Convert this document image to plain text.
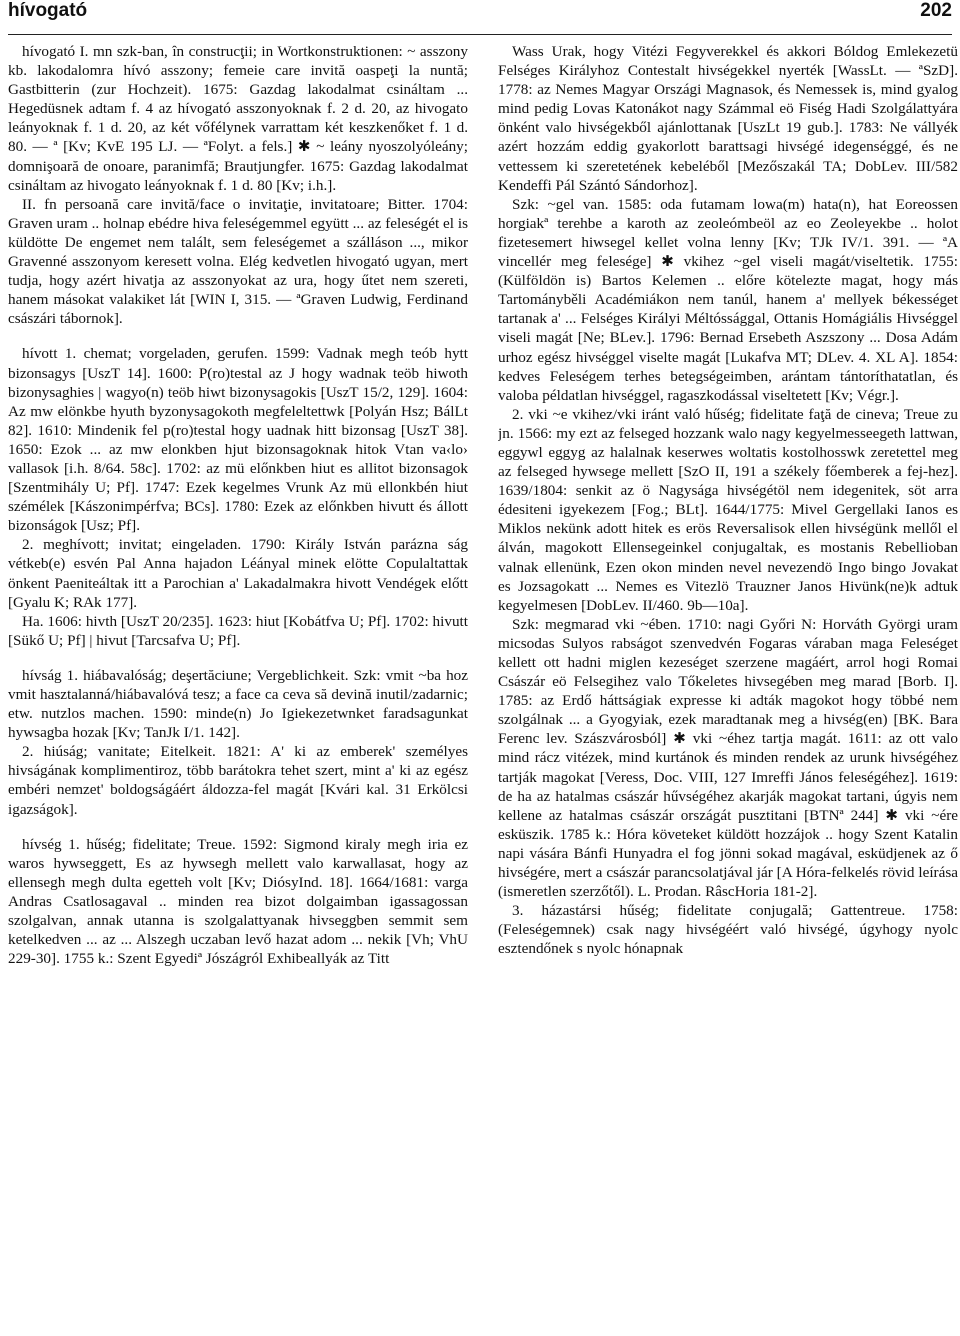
hívogató	202

hívogató I. mn szk-ban, în construcţii; in Wortkonstruktionen: ~ asszony kb. lakodalomra hívó asszony; femeie care invită oaspeţi la nuntă; Gastbitterin (zur Hochzeit). 1675: Gazdag lakodalmat csináltam ... Hegedüsnek adtam f. 4 az hívogató asszonyoknak f. 2 d. 20, az hivogato leányoknak f. 1 d. 20, az két vőfélynek varrattam két keszkenőket f. 1 d. 80. — ª [Kv; KvE 195 LJ. — ªFolyt. a fels.] ✱ ~ leány nyoszolyóleány; domnişoară de onoare, paranimfă; Brautjungfer. 1675: Gazdag lakodalmat csináltam az hivogato leányoknak f. 1 d. 80 [Kv; i.h.].

II. fn persoană care invită/face o invitaţie, invitatoare; Bitter. 1704: Graven uram .. holnap ebédre hiva feleségemmel együtt ... az feleségét el is küldötte De engemet nem talált, sem feleségemet a szálláson ..., mikor Gravenné asszonyom keresett volna. Elég kedvetlen hivogató ugyan, mert tudja, hogy azért hivatja az asszonyokat az ura, hogy űtet nem szereti, hanem másokat valakiket lát [WIN I, 315. — ªGraven Ludwig, Ferdinand császári tábornok].

hívott 1. chemat; vorgeladen, gerufen. 1599: Vadnak megh teób hytt bizonsagys [UszT 14]. 1600: P(ro)testal az J hogy wadnak teöb hiwoth bizonysaghies | wagyo(n) teöb hiwt bizonysagokis [UszT 15/2, 129]. 1604: Az mw elönkbe hyuth byzonysagokoth megfeleltettwk [Polyán Hsz; BálLt 82]. 1610: Mindenik fel p(ro)testal hogy uadnak hitt bizonsag [UszT 38]. 1650: Ezok ... az mw elonkben hjut bizonsagoknak hitok Vtan va‹lo› vallasok [i.h. 8/64. 58c]. 1702: az mü előnkben hiut es allitot bizonsagok [Szentmihály U; Pf]. 1747: Ezek kegelmes Vrunk Az mü ellonkbén hiut szémélek [Kászonimpérfva; BCs]. 1780: Ezek az előnkben hivutt és állott bizonságok [Usz; Pf].

2. meghívott; invitat; eingeladen. 1790: Király István parázna ság vétkeb(e) esvén Pal Anna hajadon Léányal minek elötte Copulaltattak önkent Paeniteáltak itt a Parochian a' Lakadalmakra hivott Vendégek előtt [Gyalu K; RAk 177].

Ha. 1606: hivth [UszT 20/235]. 1623: hiut [Kobátfva U; Pf]. 1702: hivutt [Sükő U; Pf] | hivut [Tarcsafva U; Pf].

hívság 1. hiábavalóság; deşertăciune; Vergeblichkeit. Szk: vmit ~ba hoz vmit hasztalanná/hiábavalóvá tesz; a face ca ceva să devină inutil/zadarnic; etw. nutzlos machen. 1590: minde(n) Jo Igiekezetwnket faradsagunkat hywsagba hozak [Kv; TanJk I/1. 142].

2. hiúság; vanitate; Eitelkeit. 1821: A' ki az emberek' személyes hivságának komplimentiroz, több barátokra tehet szert, mint a' ki az egész embéri nemzet' boldogságáért áldozza-fel magát [Kvári kal. 31 Erkölcsi igazságok].

hívség 1. hűség; fidelitate; Treue. 1592: Sigmond kiraly megh iria ez waros hywseggett, Es az hywsegh mellett valo karwallasat, hogy az ellensegh megh dulta egetteh volt [Kv; DiósyInd. 18]. 1664/1681: varga Andras Csatlosagaval .. minden rea bizot dolgaimban igassagossan szolgalvan, annak utanna is szolgalattyanak hivseggben semmit sem ketelkedven ... az ... Alszegh uczaban levő hazat adom ... nekik [Vh; VhU 229-30]. 1755 k.: Szent Egyediª Jószágról Exhibeallyák az Titt

Wass Urak, hogy Vitézi Fegyverekkel és akkori Bóldog Emlekezetü Felséges Királyhoz Contestalt hivségekkel nyerték [WassLt. — ªSzD]. 1778: az Nemes Magyar Országi Magnasok, és Nemessek is, mind gyalog mind pedig Lovas Katonákot nagy Számmal eö Fiség Hadi Szolgálattyára önként valo hivségekből ajánlottanak [UszLt 19 gub.]. 1783: Ne vállyék azért hozzám eddig gyakorlott barattsagi hivségé idegenséggé, és ne vettessem ki szeretetének kebeléből [Mezőszakál TA; DobLev. III/582 Kendeffi Pál Szántó Sándorhoz].

Szk: ~gel van. 1585: oda futamam lowa(m) hata(n), hat Eoreossen horgiakª terehbe a karoth az zeoleómbeöl az eo Zeoleyekbe .. holot fizetesemert hiwsegel kellet volna lenny [Kv; TJk IV/1. 391. — ªA vincellér meg felesége] ✱ vkihez ~gel viseli magát/viseltetik. 1755: (Külföldön is) Bartos Kelemen .. előre kötelezte magat, hogy más Tartományběli Académiákon nem tanúl, hanem a' mellyek békességet tartanak a' ... Felséges Királyi Méltóssággal, Ottanis Homágiális Hivséggel viseli magát [Ne; BLev.]. 1796: Bernad Ersebeth Aszszony ... Dosa Adám urhoz egész hivséggel viselte magát [Lukafva MT; DLev. 4. XL A]. 1854: kedves Feleségem terhes betegségeimben, arántam tántoríthatatlan, és valoba példatlan hivséggel, ragaszkodással viseltetett [Kv; Végr.].

2. vki ~e vkihez/vki iránt való hűség; fidelitate faţă de cineva; Treue zu jn. 1566: my ezt az felseged hozzank walo nagy kegyelmesseegeth lattwan, eggywl eggyg az halalnak keserwes woltatis kostolhosswk zeretettel meg az felseged hywsege mellett [SzO II, 191 a székely főemberek a fej-hez]. 1639/1804: senkit az ö Nagysága hivségétöl nem idegenitek, söt arra édesiteni igyekezem [Fog.; BLt]. 1644/1775: Mivel Gergellaki Ianos es Miklos nekünk adott hitek es erös Reversalisok ellen hivségünk mellől el álván, magokott Ellensegeinkel conjugaltak, es mostanis Rebellioban valnak ellenünk, Ezen okon minden nevel nevezendö Ingo bingo Jovakat es Jozsagokatt ... Nemes es Vitezlö Trauzner Janos Hivünk(ne)k adtuk kegyelmesen [DobLev. II/460. 9b—10a].

Szk: megmarad vki ~ében. 1710: nagi Győri N: Horváth Györgi uram micsodas Sulyos rabságot szenvedvén Fogaras váraban maga Feleséget kellett ott hadni miglen kezeséget szerzene magáért, arrol hogi Romai Császár eö Felsegihez valo Tőkeletes hivsegében meg marad [Borb. I]. 1785: az Erdő háttságiak expresse ki adták magokot hogy többé nem szolgálnak ... a Gyogyiak, ezek maradtanak meg a hivség(en) [BK. Bara Ferenc lev. Szászvárosból] ✱ vki ~éhez tartja magát. 1611: az ott valo mind rácz vitézek, mind kurtánok és minden rendek az urunk hivségéhez tartják magokat [Veress, Doc. VIII, 127 Imreffi János feleségéhez]. 1619: de ha az hatalmas császár hűvségéhez akarják magokat tartani, úgyis nem kellene az hatalmas császár országát pusztitani [BTNª 244] ✱ vki ~ére esküszik. 1785 k.: Hóra követeket küldött hozzájok .. hogy Szent Katalin napi vására Bánfi Hunyadra el fog jönni sokad magával, esküdjenek az ő hivségére, mert a császár parancsolatjával jár [A Hóra-felkelés rövid leírása (ismeretlen szerzőtől). L. Prodan. RâscHoria 181-2].

3. házastársi hűség; fidelitate conjugală; Gattentreue. 1758: (Feleségemnek) csak nagy hivségéért való hivségé, úgyhogy nyolc esztendőnek s nyolc hónapnak
